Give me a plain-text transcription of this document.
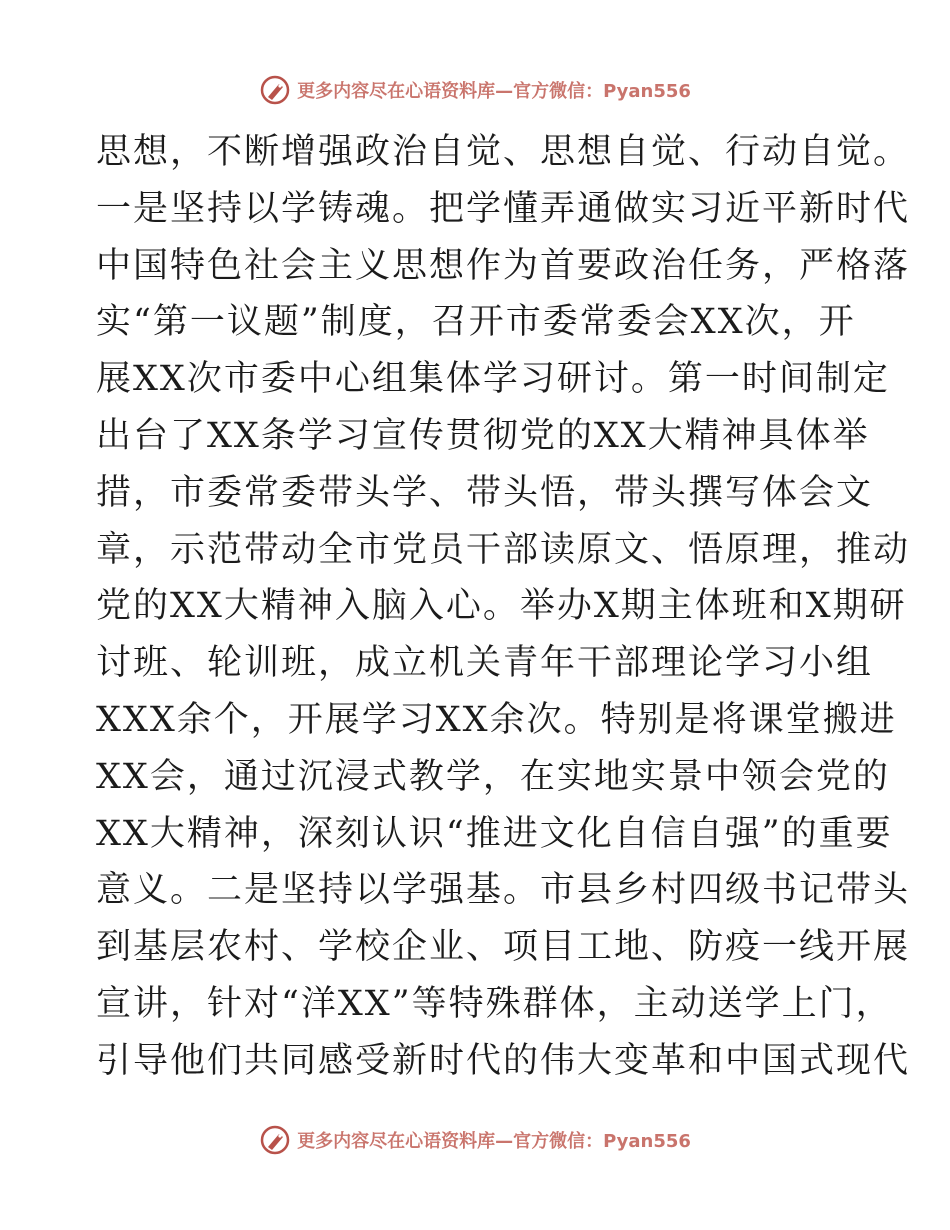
更多内容尽在心语资料库—官方微信：Pyan556
思想，不断增强政治自觉、思想自觉、行动自觉。
一是坚持以学铸魂。把学懂弄通做实习近平新时代
中国特色社会主义思想作为首要政治任务，严格落
实“第一议题”制度，召开市委常委会XX次，开
展XX次市委中心组集体学习研讨。第一时间制定
出台了XX条学习宣传贯彻党的XX大精神具体举
措，市委常委带头学、带头悟，带头撰写体会文
章，示范带动全市党员干部读原文、悟原理，推动
党的XX大精神入脑入心。举办X期主体班和X期研
讨班、轮训班，成立机关青年干部理论学习小组
XXX余个，开展学习XX余次。特别是将课堂搬进
XX会，通过沉浸式教学，在实地实景中领会党的
XX大精神，深刻认识“推进文化自信自强”的重要
意义。二是坚持以学强基。市县乡村四级书记带头
到基层农村、学校企业、项目工地、防疫一线开展
宣讲，针对“洋XX”等特殊群体，主动送学上门，
引导他们共同感受新时代的伟大变革和中国式现代
更多内容尽在心语资料库—官方微信：Pyan556
